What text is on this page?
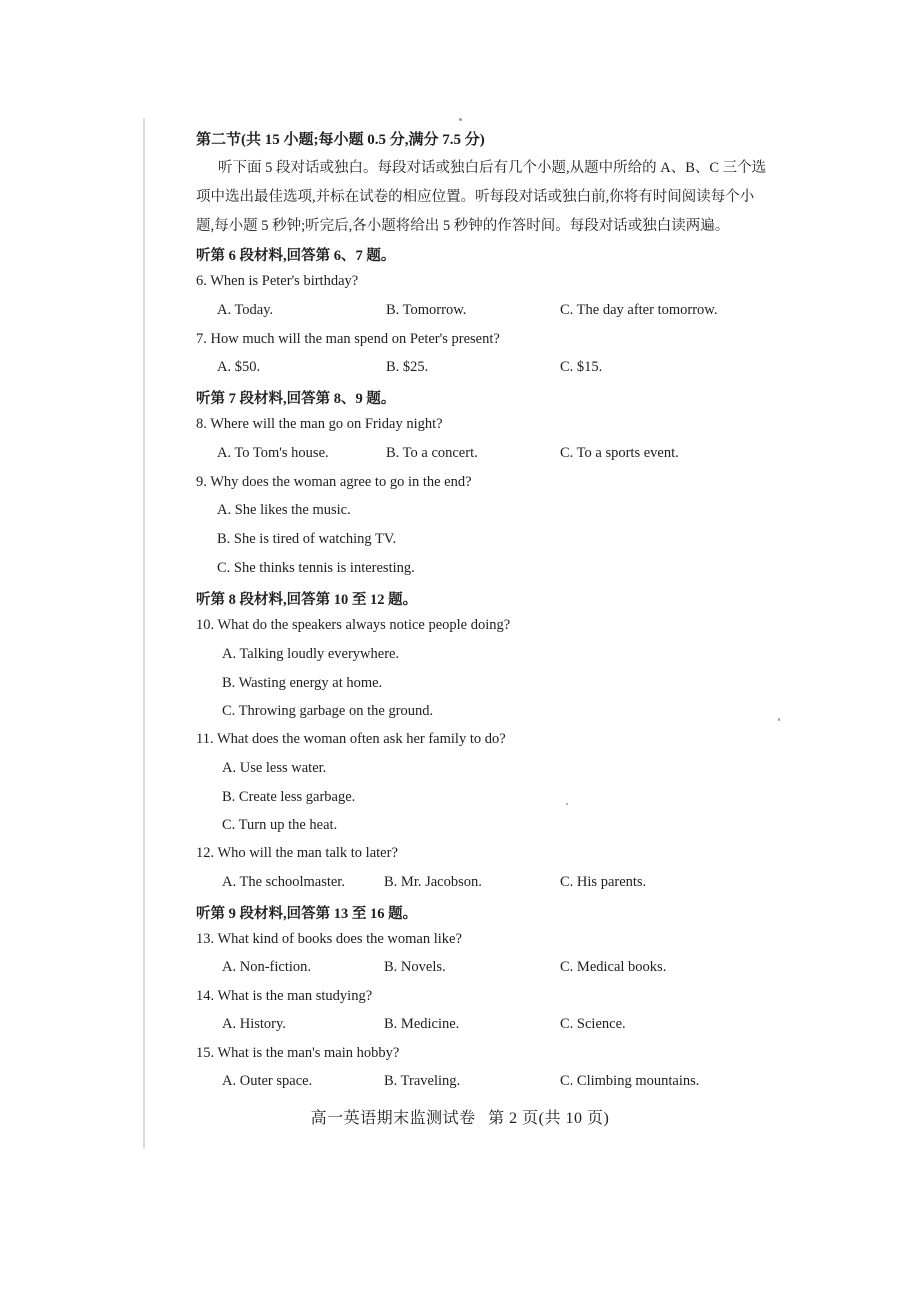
第二节(共 15 小题;每小题 0.5 分,满分 7.5 分)
听下面 5 段对话或独白。每段对话或独白后有几个小题,从题中所给的 A、B、C 三个选
项中选出最佳选项,并标在试卷的相应位置。听每段对话或独白前,你将有时间阅读每个小
题,每小题 5 秒钟;听完后,各小题将给出 5 秒钟的作答时间。每段对话或独白读两遍。
听第 6 段材料,回答第 6、7 题。
6. When is Peter's birthday?
A. Today.	B. Tomorrow.	C. The day after tomorrow.
7. How much will the man spend on Peter's present?
A. $50.	B. $25.	C. $15.
听第 7 段材料,回答第 8、9 题。
8. Where will the man go on Friday night?
A. To Tom's house.	B. To a concert.	C. To a sports event.
9. Why does the woman agree to go in the end?
A. She likes the music.
B. She is tired of watching TV.
C. She thinks tennis is interesting.
听第 8 段材料,回答第 10 至 12 题。
10. What do the speakers always notice people doing?
A. Talking loudly everywhere.
B. Wasting energy at home.
C. Throwing garbage on the ground.
11. What does the woman often ask her family to do?
A. Use less water.
B. Create less garbage.
C. Turn up the heat.
12. Who will the man talk to later?
A. The schoolmaster.	B. Mr. Jacobson.	C. His parents.
听第 9 段材料,回答第 13 至 16 题。
13. What kind of books does the woman like?
A. Non-fiction.	B. Novels.	C. Medical books.
14. What is the man studying?
A. History.	B. Medicine.	C. Science.
15. What is the man's main hobby?
A. Outer space.	B. Traveling.	C. Climbing mountains.
高一英语期末监测试卷 第 2 页(共 10 页)
